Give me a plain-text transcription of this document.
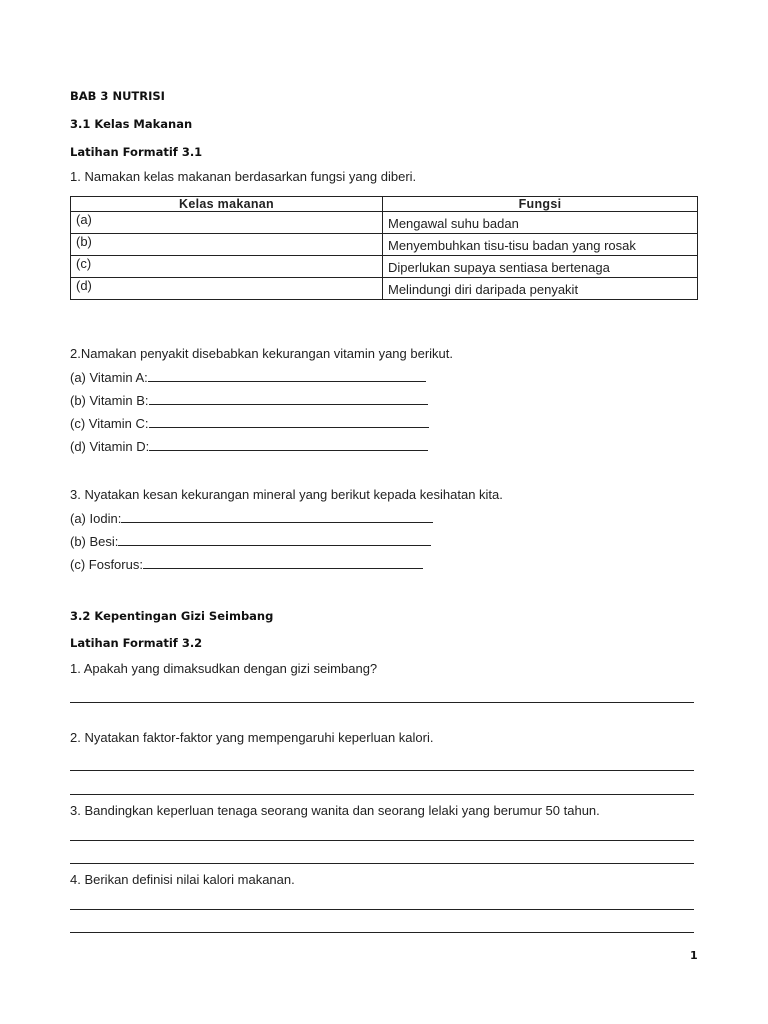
BAB 3 NUTRISI
3.1 Kelas Makanan
Latihan Formatif 3.1
1. Namakan kelas makanan berdasarkan fungsi yang diberi.
Kelas makanan	Fungsi
(a)	Mengawal suhu badan
(b)	Menyembuhkan tisu-tisu badan yang rosak
(c)	Diperlukan supaya sentiasa bertenaga
(d)	Melindungi diri daripada penyakit
2.Namakan penyakit disebabkan kekurangan vitamin yang berikut.
(a) Vitamin A:
(b) Vitamin B:
(c) Vitamin C:
(d) Vitamin D:
3. Nyatakan kesan kekurangan mineral yang berikut kepada kesihatan kita.
(a) Iodin:
(b) Besi:
(c) Fosforus:
3.2 Kepentingan Gizi Seimbang
Latihan Formatif 3.2
1. Apakah yang dimaksudkan dengan gizi seimbang?
2. Nyatakan faktor-faktor yang mempengaruhi keperluan kalori.
3. Bandingkan keperluan tenaga seorang wanita dan seorang lelaki yang berumur 50 tahun.
4. Berikan definisi nilai kalori makanan.
1
